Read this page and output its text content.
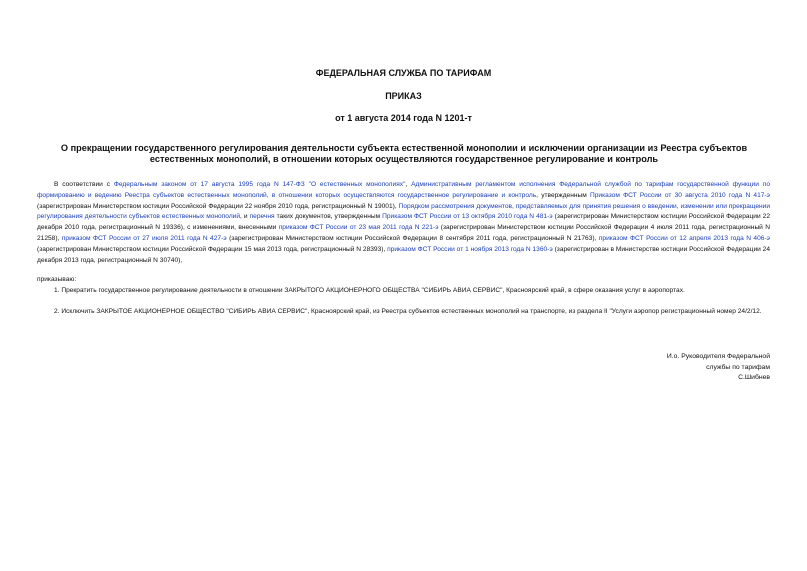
ФЕДЕРАЛЬНАЯ СЛУЖБА ПО ТАРИФАМ
ПРИКАЗ
от 1 августа 2014 года N 1201-т
О прекращении государственного регулирования деятельности субъекта естественной монополии и исключении организации из Реестра субъектов естественных монополий, в отношении которых осуществляются государственное регулирование и контроль
В соответствии с Федеральным законом от 17 августа 1995 года N 147-ФЗ "О естественных монополиях", Административным регламентом исполнения Федеральной службой по тарифам государственной функции по формированию и ведению Реестра субъектов естественных монополий, в отношении которых осуществляются государственное регулирование и контроль, утвержденным Приказом ФСТ России от 30 августа 2010 года N 417-э (зарегистрирован Министерством юстиции Российской Федерации 22 ноября 2010 года, регистрационный N 19001), Порядком рассмотрения документов, представляемых для принятия решения о введении, изменении или прекращении регулирования деятельности субъектов естественных монополий, и перечня таких документов, утвержденным Приказом ФСТ России от 13 октября 2010 года N 481-э (зарегистрирован Министерством юстиции Российской Федерации 22 декабря 2010 года, регистрационный N 19336), с изменениями, внесенными приказом ФСТ России от 23 мая 2011 года N 221-э (зарегистрирован Министерством юстиции Российской Федерации 4 июля 2011 года, регистрационный N 21258), приказом ФСТ России от 27 июля 2011 года N 427-э (зарегистрирован Министерством юстиции Российской Федерации 8 сентября 2011 года, регистрационный N 21763), приказом ФСТ России от 12 апреля 2013 года N 406-э (зарегистрирован Министерством юстиции Российской Федерации 15 мая 2013 года, регистрационный N 28393), приказом ФСТ России от 1 ноября 2013 года N 1360-э (зарегистрирован в Министерстве юстиции Российской Федерации 24 декабря 2013 года, регистрационный N 30740),
приказываю:
1. Прекратить государственное регулирование деятельности в отношении ЗАКРЫТОГО АКЦИОНЕРНОГО ОБЩЕСТВА "СИБИРЬ АВИА СЕРВИС", Красноярский край, в сфере оказания услуг в аэропортах.
2. Исключить ЗАКРЫТОЕ АКЦИОНЕРНОЕ ОБЩЕСТВО "СИБИРЬ АВИА СЕРВИС", Красноярский край, из Реестра субъектов естественных монополий на транспорте, из раздела II "Услуги аэропор регистрационный номер 24/2/12.
И.о. Руководителя Федеральной
службы по тарифам
С.Шибнев
